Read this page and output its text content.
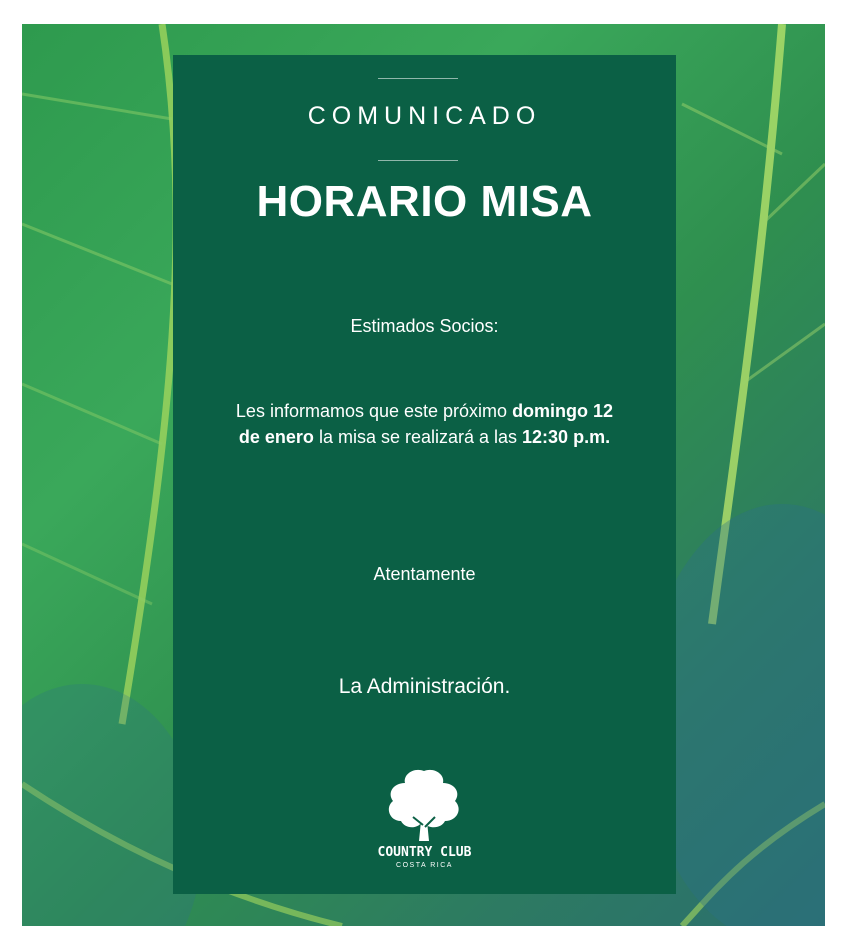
COMUNICADO
HORARIO MISA
Estimados Socios:
Les informamos que este próximo domingo 12 de enero la misa se realizará a las 12:30 p.m.
Atentamente
La Administración.
COUNTRY CLUB
COSTA RICA
